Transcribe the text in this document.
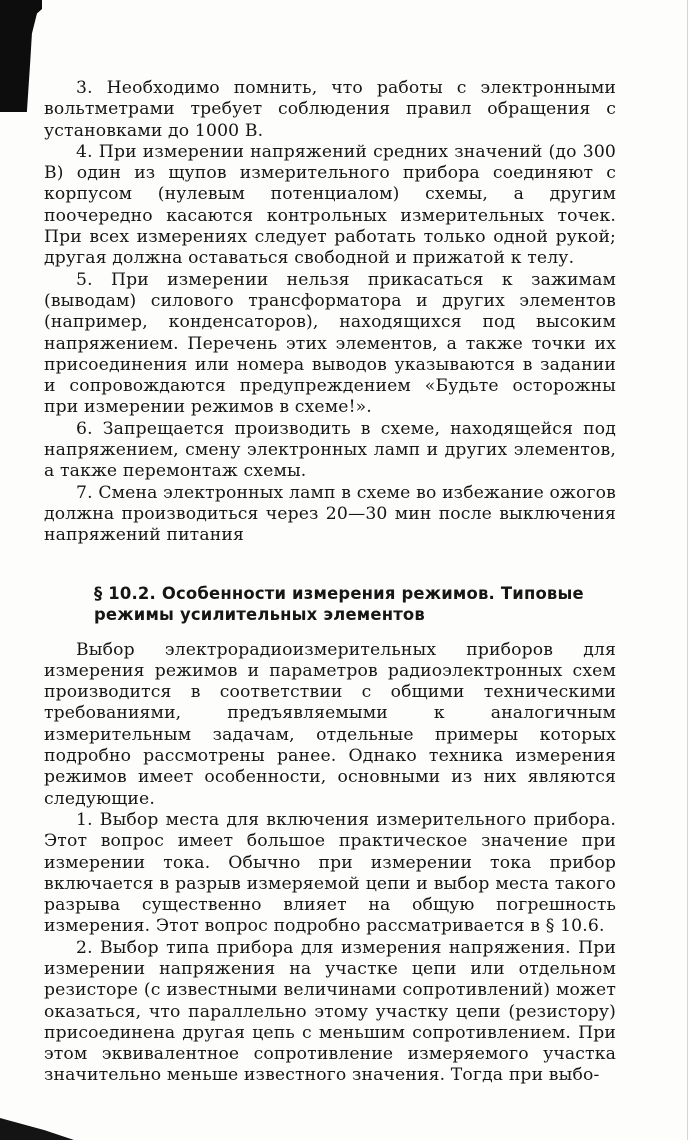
3. Необходимо помнить, что работы с электронными вольтметрами требует соблюдения правил обращения с установками до 1000 В.

4. При измерении напряжений средних значений (до 300 В) один из щупов измерительного прибора соединяют с корпусом (нулевым потенциалом) схемы, а другим поочередно касаются контрольных измерительных точек. При всех измерениях следует работать только одной рукой; другая должна оставаться свободной и прижатой к телу.

5. При измерении нельзя прикасаться к зажимам (выводам) силового трансформатора и других элементов (например, конденсаторов), находящихся под высоким напряжением. Перечень этих элементов, а также точки их присоединения или номера выводов указываются в задании и сопровождаются предупреждением «Будьте осторожны при измерении режимов в схеме!».

6. Запрещается производить в схеме, находящейся под напряжением, смену электронных ламп и других элементов, а также перемонтаж схемы.

7. Смена электронных ламп в схеме во избежание ожогов должна производиться через 20—30 мин после выключения напряжений питания

§ 10.2. Особенности измерения режимов. Типовые
режимы усилительных элементов

Выбор электрорадиоизмерительных приборов для измерения режимов и параметров радиоэлектронных схем производится в соответствии с общими техническими требованиями, предъявляемыми к аналогичным измерительным задачам, отдельные примеры которых подробно рассмотрены ранее. Однако техника измерения режимов имеет особенности, основными из них являются следующие.

1. Выбор места для включения измерительного прибора. Этот вопрос имеет большое практическое значение при измерении тока. Обычно при измерении тока прибор включается в разрыв измеряемой цепи и выбор места такого разрыва существенно влияет на общую погрешность измерения. Этот вопрос подробно рассматривается в § 10.6.

2. Выбор типа прибора для измерения напряжения. При измерении напряжения на участке цепи или отдельном резисторе (с известными величинами сопротивлений) может оказаться, что параллельно этому участку цепи (резистору) присоединена другая цепь с меньшим сопротивлением. При этом эквивалентное сопротивление измеряемого участка значительно меньше известного значения. Тогда при выбо-
